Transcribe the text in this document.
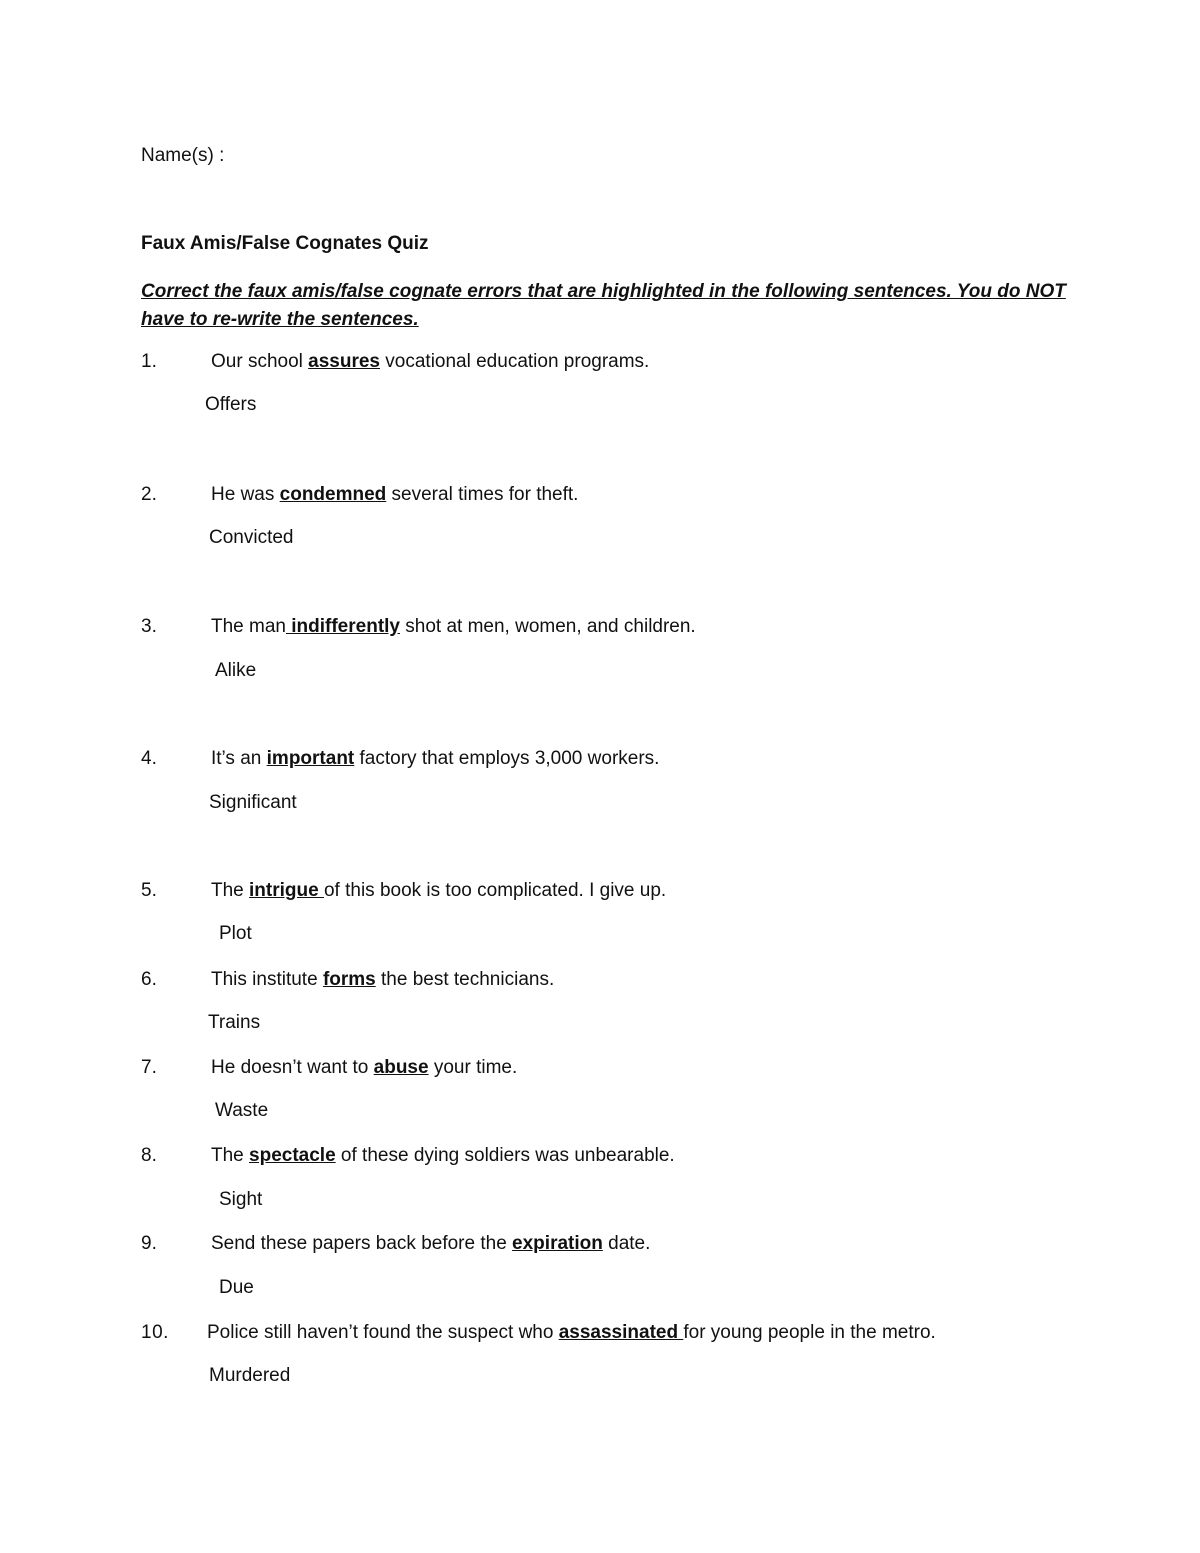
Name(s) :
Faux Amis/False Cognates Quiz
Correct the faux amis/false cognate errors that are highlighted in the following sentences. You do NOT have to re-write the sentences.
1.	Our school assures vocational education programs.
Offers
2.	He was condemned several times for theft.
Convicted
3.	The man indifferently shot at men, women, and children.
Alike
4.	It’s an important factory that employs 3,000 workers.
Significant
5.	The intrigue of this book is too complicated. I give up.
Plot
6.	This institute forms the best technicians.
Trains
7.	He doesn’t want to abuse your time.
Waste
8.	The spectacle of these dying soldiers was unbearable.
Sight
9.	Send these papers back before the expiration date.
Due
10. Police still haven’t found the suspect who assassinated for young people in the metro.
Murdered
